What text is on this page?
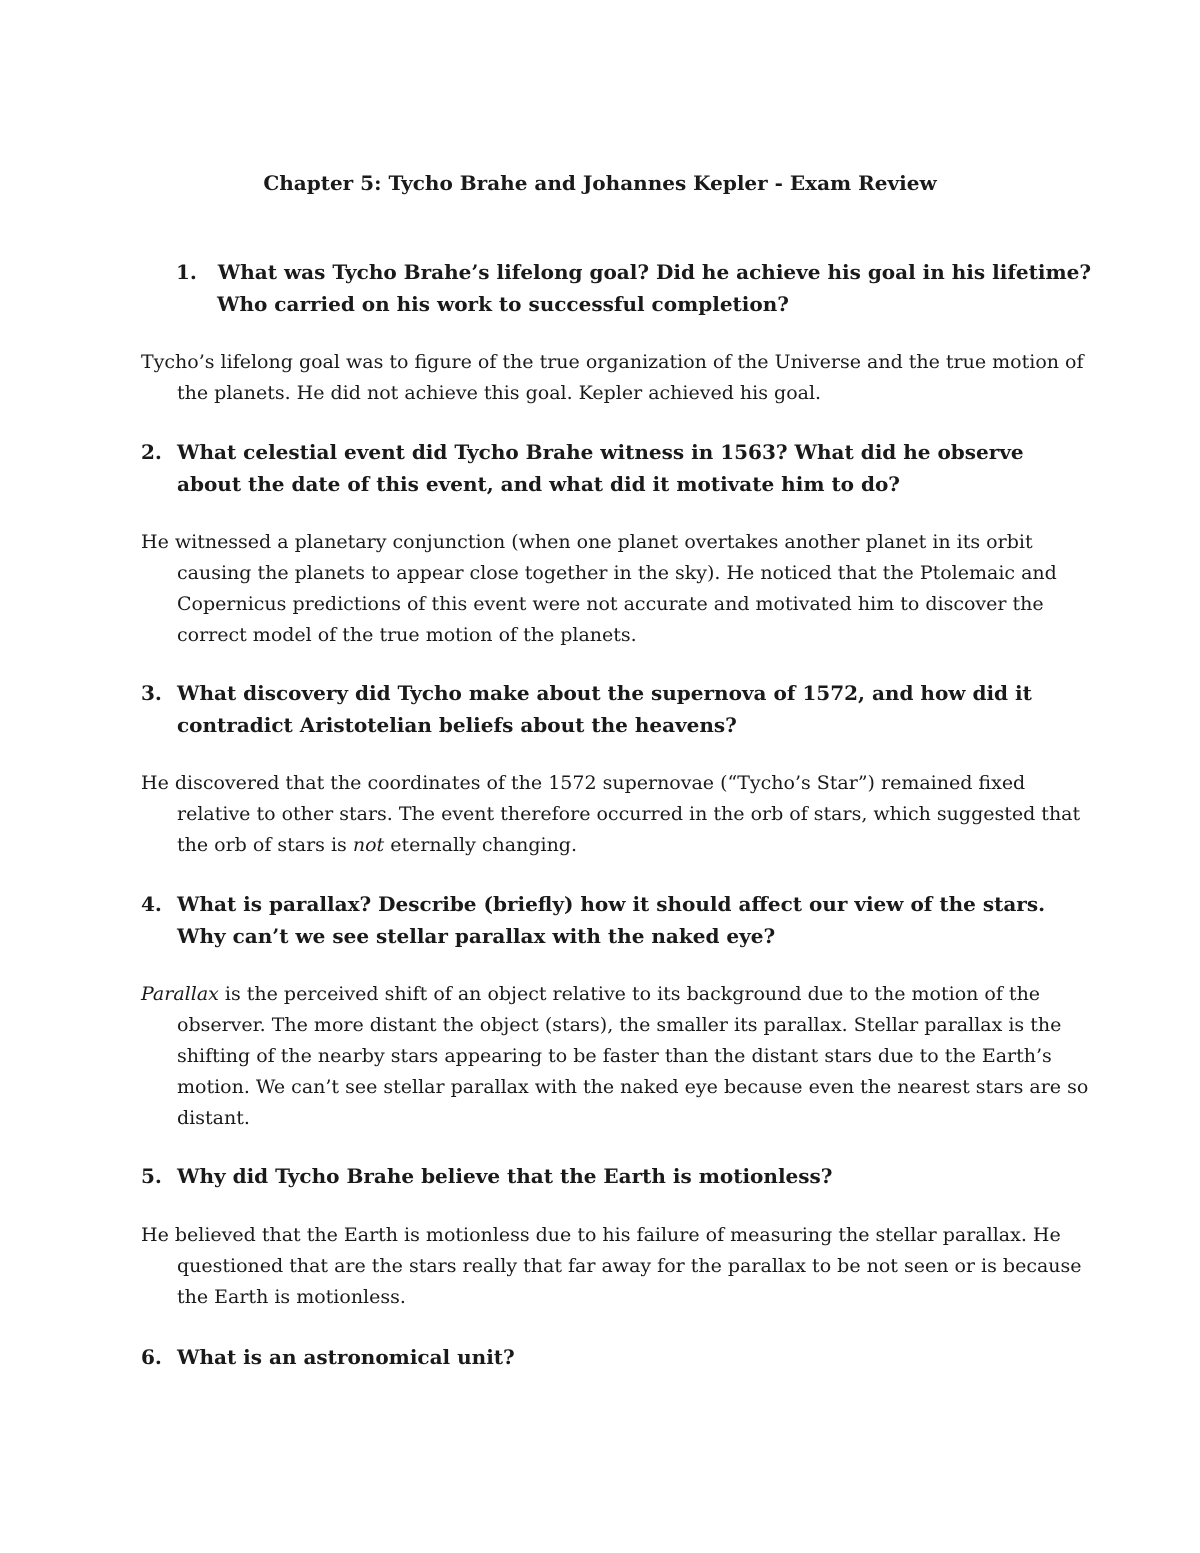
Chapter 5: Tycho Brahe and Johannes Kepler - Exam Review
1. What was Tycho Brahe’s lifelong goal? Did he achieve his goal in his lifetime? Who carried on his work to successful completion?
Tycho’s lifelong goal was to figure of the true organization of the Universe and the true motion of the planets. He did not achieve this goal. Kepler achieved his goal.
2. What celestial event did Tycho Brahe witness in 1563? What did he observe about the date of this event, and what did it motivate him to do?
He witnessed a planetary conjunction (when one planet overtakes another planet in its orbit causing the planets to appear close together in the sky). He noticed that the Ptolemaic and Copernicus predictions of this event were not accurate and motivated him to discover the correct model of the true motion of the planets.
3. What discovery did Tycho make about the supernova of 1572, and how did it contradict Aristotelian beliefs about the heavens?
He discovered that the coordinates of the 1572 supernovae (“Tycho’s Star”) remained fixed relative to other stars. The event therefore occurred in the orb of stars, which suggested that the orb of stars is not eternally changing.
4. What is parallax? Describe (briefly) how it should affect our view of the stars. Why can’t we see stellar parallax with the naked eye?
Parallax is the perceived shift of an object relative to its background due to the motion of the observer. The more distant the object (stars), the smaller its parallax. Stellar parallax is the shifting of the nearby stars appearing to be faster than the distant stars due to the Earth’s motion. We can’t see stellar parallax with the naked eye because even the nearest stars are so distant.
5. Why did Tycho Brahe believe that the Earth is motionless?
He believed that the Earth is motionless due to his failure of measuring the stellar parallax. He questioned that are the stars really that far away for the parallax to be not seen or is because the Earth is motionless.
6. What is an astronomical unit?
